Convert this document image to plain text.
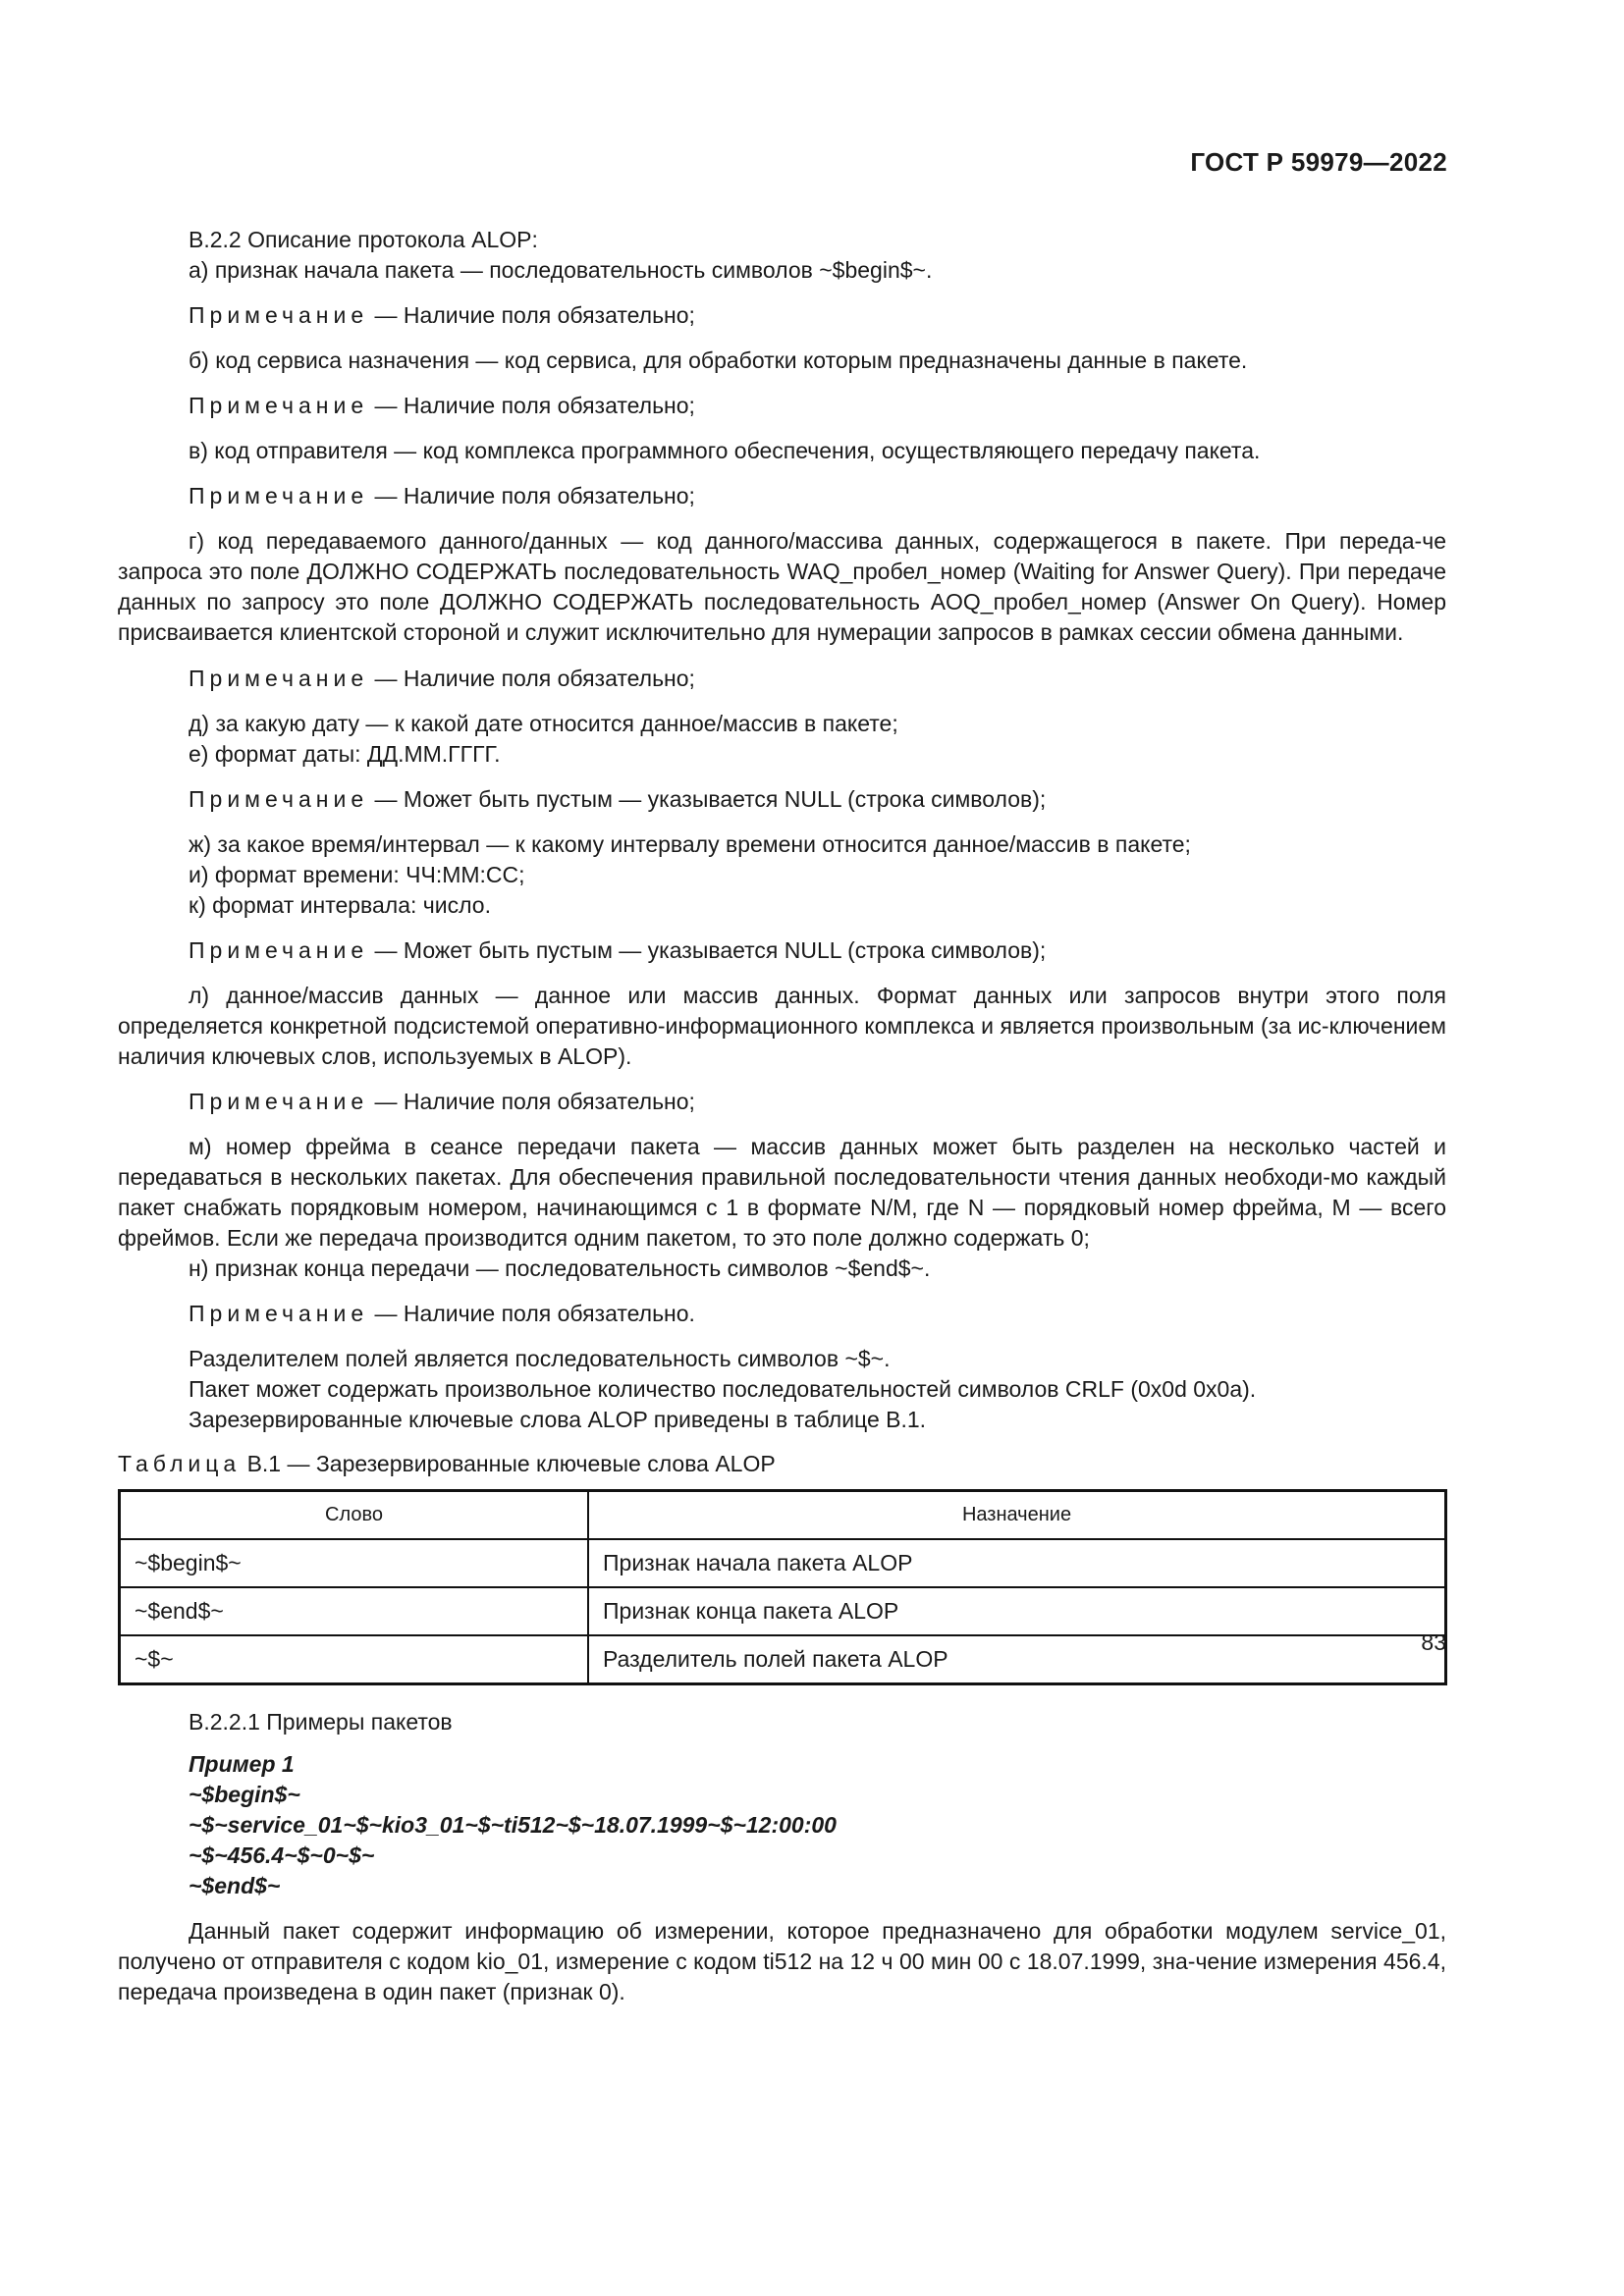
ГОСТ Р 59979—2022

В.2.2 Описание протокола ALOP:

а) признак начала пакета — последовательность символов ~$begin$~.

Примечание — Наличие поля обязательно;

б) код сервиса назначения — код сервиса, для обработки которым предназначены данные в пакете.

Примечание — Наличие поля обязательно;

в) код отправителя — код комплекса программного обеспечения, осуществляющего передачу пакета.

Примечание — Наличие поля обязательно;

г) код передаваемого данного/данных — код данного/массива данных, содержащегося в пакете. При переда-че запроса это поле ДОЛЖНО СОДЕРЖАТЬ последовательность WAQ_пробел_номер (Waiting for Answer Query). При передаче данных по запросу это поле ДОЛЖНО СОДЕРЖАТЬ последовательность AOQ_пробел_номер (Answer On Query). Номер присваивается клиентской стороной и служит исключительно для нумерации запросов в рамках сессии обмена данными.

Примечание — Наличие поля обязательно;

д) за какую дату — к какой дате относится данное/массив в пакете;

е) формат даты: ДД.ММ.ГГГГ.

Примечание — Может быть пустым — указывается NULL (строка символов);

ж) за какое время/интервал — к какому интервалу времени относится данное/массив в пакете;

и) формат времени: ЧЧ:ММ:СС;

к) формат интервала: число.

Примечание — Может быть пустым — указывается NULL (строка символов);

л) данное/массив данных — данное или массив данных. Формат данных или запросов внутри этого поля определяется конкретной подсистемой оперативно-информационного комплекса и является произвольным (за ис-ключением наличия ключевых слов, используемых в ALOP).

Примечание — Наличие поля обязательно;

м) номер фрейма в сеансе передачи пакета — массив данных может быть разделен на несколько частей и передаваться в нескольких пакетах. Для обеспечения правильной последовательности чтения данных необходи-мо каждый пакет снабжать порядковым номером, начинающимся с 1 в формате N/M, где N — порядковый номер фрейма, M — всего фреймов. Если же передача производится одним пакетом, то это поле должно содержать 0;

н) признак конца передачи — последовательность символов ~$end$~.

Примечание — Наличие поля обязательно.

Разделителем полей является последовательность символов ~$~.

Пакет может содержать произвольное количество последовательностей символов CRLF (0x0d 0x0a).

Зарезервированные ключевые слова ALOP приведены в таблице В.1.

Таблица В.1 — Зарезервированные ключевые слова ALOP

Слово	Назначение
~$begin$~	Признак начала пакета ALOP
~$end$~	Признак конца пакета ALOP
~$~	Разделитель полей пакета ALOP

В.2.2.1 Примеры пакетов

Пример 1
~$begin$~
~$~service_01~$~kio3_01~$~ti512~$~18.07.1999~$~12:00:00
~$~456.4~$~0~$~
~$end$~

Данный пакет содержит информацию об измерении, которое предназначено для обработки модулем service_01, получено от отправителя с кодом kio_01, измерение с кодом ti512 на 12 ч 00 мин 00 с 18.07.1999, зна-чение измерения 456.4, передача произведена в один пакет (признак 0).

83
